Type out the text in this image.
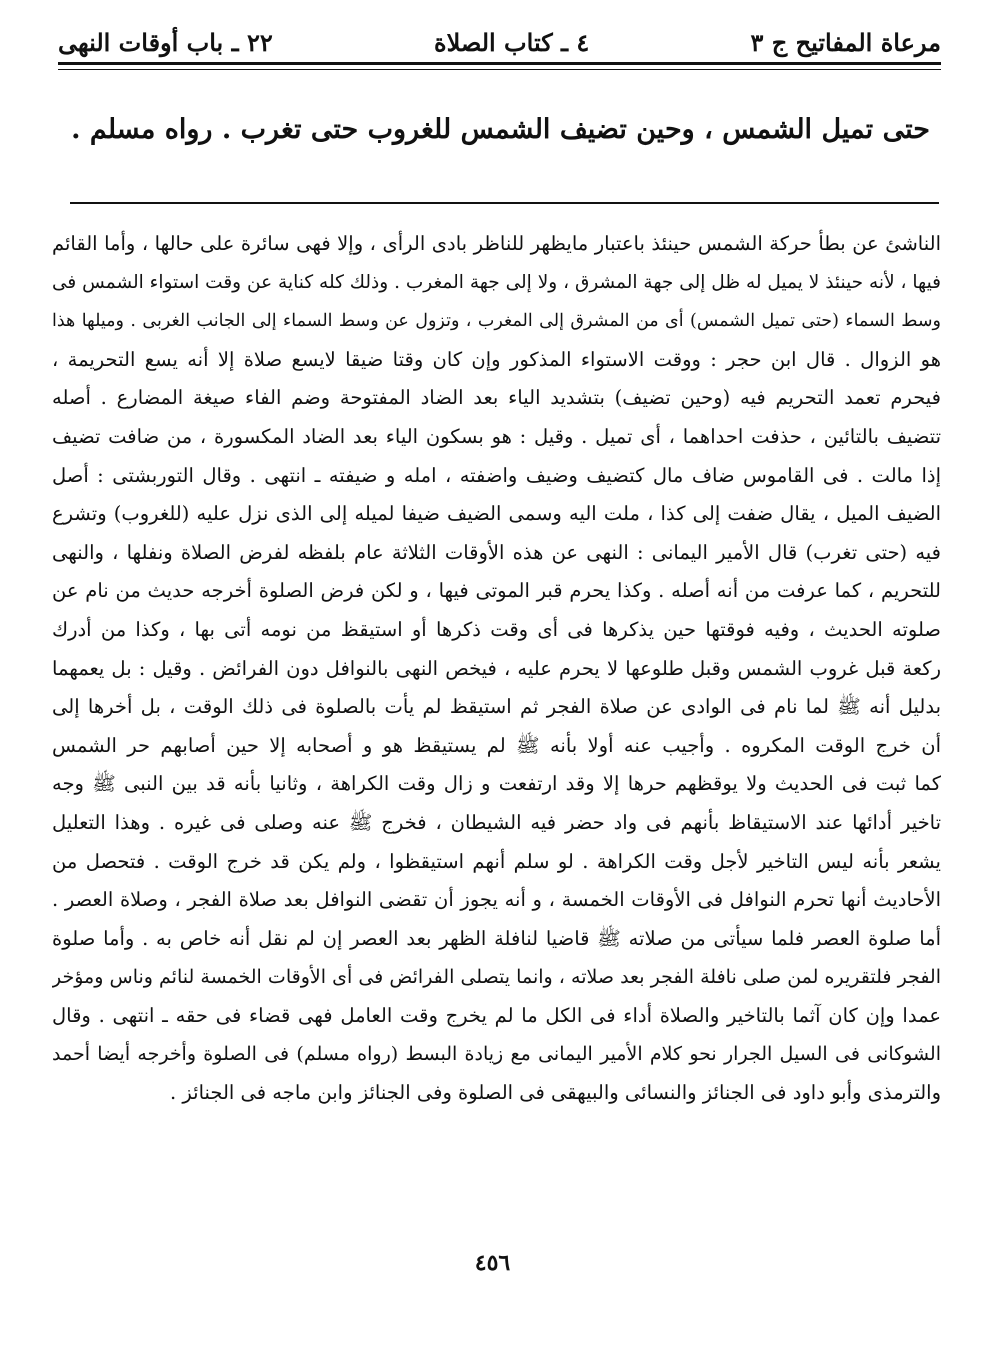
مرعاة المفاتيح ج ٣
٤ ـ كتاب الصلاة
٢٢ ـ باب أوقات النهى
حتى تميل الشمس ، وحين تضيف الشمس للغروب حتى تغرب . رواه مسلم .
الناشئ عن بطأ حركة الشمس حينئذ باعتبار مايظهر للناظر بادى الرأى ، وإلا فهى سائرة على حالها ، وأما القائم
فيها ، لأنه حينئذ لا يميل له ظل إلى جهة المشرق ، ولا إلى جهة المغرب . وذلك كله كناية عن وقت استواء الشمس فى
وسط السماء (حتى تميل الشمس) أى من المشرق إلى المغرب ، وتزول عن وسط السماء إلى الجانب الغربى . وميلها هذا
هو الزوال . قال ابن حجر : ووقت الاستواء المذكور وإن كان وقتا ضيقا لايسع صلاة إلا أنه يسع التحريمة ،
فيحرم تعمد التحريم فيه (وحين تضيف) بتشديد الياء بعد الضاد المفتوحة وضم الفاء صيغة المضارع . أصله
تتضيف بالتائين ، حذفت احداهما ، أى تميل . وقيل : هو بسكون الياء بعد الضاد المكسورة ، من ضافت تضيف
إذا مالت . فى القاموس ضاف مال كتضيف وضيف واضفته ، امله و ضيفته ـ انتهى . وقال التوربشتى : أصل
الضيف الميل ، يقال ضفت إلى كذا ، ملت اليه وسمى الضيف ضيفا لميله إلى الذى نزل عليه (للغروب) وتشرع
فيه (حتى تغرب) قال الأمير اليمانى : النهى عن هذه الأوقات الثلاثة عام بلفظه لفرض الصلاة ونفلها ، والنهى
للتحريم ، كما عرفت من أنه أصله . وكذا يحرم قبر الموتى فيها ، و لكن فرض الصلوة أخرجه حديث من نام عن
صلوته الحديث ، وفيه فوقتها حين يذكرها فى أى وقت ذكرها أو استيقظ من نومه أتى بها ، وكذا من أدرك
ركعة قبل غروب الشمس وقبل طلوعها لا يحرم عليه ، فيخص النهى بالنوافل دون الفرائض . وقيل : بل يعمهما
بدليل أنه ﷺ لما نام فى الوادى عن صلاة الفجر ثم استيقظ لم يأت بالصلوة فى ذلك الوقت ، بل أخرها إلى
أن خرج الوقت المكروه . وأجيب عنه أولا بأنه ﷺ لم يستيقظ هو و أصحابه إلا حين أصابهم حر الشمس
كما ثبت فى الحديث ولا يوقظهم حرها إلا وقد ارتفعت و زال وقت الكراهة ، وثانيا بأنه قد بين النبى ﷺ وجه
تاخير أدائها عند الاستيقاظ بأنهم فى واد حضر فيه الشيطان ، فخرج ﷺ عنه وصلى فى غيره . وهذا التعليل
يشعر بأنه ليس التاخير لأجل وقت الكراهة . لو سلم أنهم استيقظوا ، ولم يكن قد خرج الوقت . فتحصل من
الأحاديث أنها تحرم النوافل فى الأوقات الخمسة ، و أنه يجوز أن تقضى النوافل بعد صلاة الفجر ، وصلاة العصر .
أما صلوة العصر فلما سيأتى من صلاته ﷺ قاضيا لنافلة الظهر بعد العصر إن لم نقل أنه خاص به . وأما صلوة
الفجر فلتقريره لمن صلى نافلة الفجر بعد صلاته ، وانما يتصلى الفرائض فى أى الأوقات الخمسة لنائم وناس ومؤخر
عمدا وإن كان آثما بالتاخير والصلاة أداء فى الكل ما لم يخرج وقت العامل فهى قضاء فى حقه ـ انتهى . وقال
الشوكانى فى السيل الجرار نحو كلام الأمير اليمانى مع زيادة البسط (رواه مسلم) فى الصلوة وأخرجه أيضا أحمد
والترمذى وأبو داود فى الجنائز والنسائى والبيهقى فى الصلوة وفى الجنائز وابن ماجه فى الجنائز .
٤٥٦
